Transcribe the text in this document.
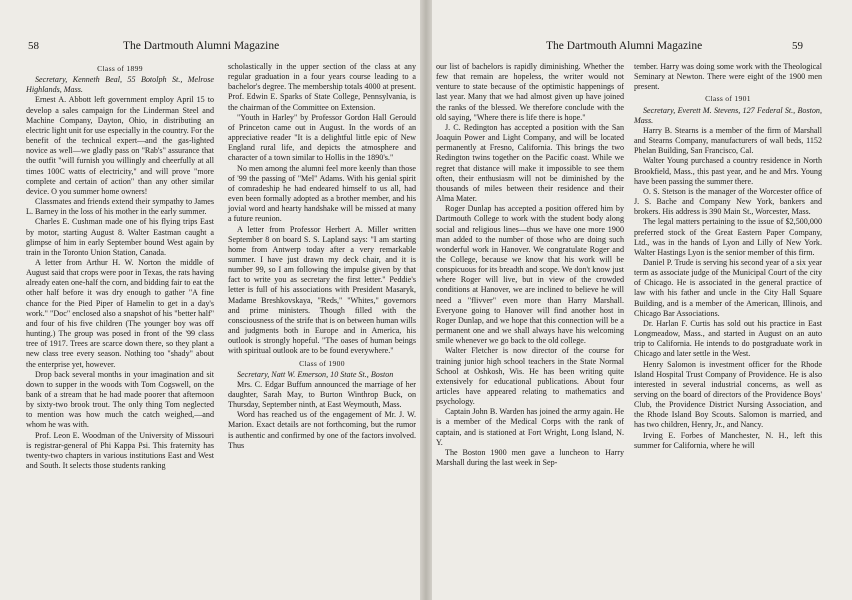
58	The Dartmouth Alumni Magazine

Class of 1899

Secretary, Kenneth Beal, 55 Botolph St., Melrose Highlands, Mass.

Ernest A. Abbott left government employ April 15 to develop a sales campaign for the Linderman Steel and Machine Company, Dayton, Ohio, in distributing an electric light unit for use especially in the country. For the benefit of the technical expert—and the gas-lighted novice as well—we gladly pass on "Rab's" assurance that the outfit "will furnish you willingly and cheerfully at all times 100C watts of electricity," and will prove "more complete and certain of action" than any other similar device. O you summer home owners!

Classmates and friends extend their sympathy to James L. Barney in the loss of his mother in the early summer.

Charles E. Cushman made one of his flying trips East by motor, starting August 8. Walter Eastman caught a glimpse of him in early September bound West again by train in the Toronto Union Station, Canada.

A letter from Arthur H. W. Norton the middle of August said that crops were poor in Texas, the rats having already eaten one-half the corn, and bidding fair to eat the other half before it was dry enough to gather "A fine chance for the Pied Piper of Hamelin to get in a day's work." "Doc" enclosed also a snapshot of his "better half" and four of his five children (The younger boy was off hunting.) The group was posed in front of the '99 class tree of 1917. Trees are scarce down there, so they plant a new class tree every season. Nothing too "shady" about the enterprise yet, however.

Drop back several months in your imagination and sit down to supper in the woods with Tom Cogswell, on the bank of a stream that he had made poorer that afternoon by sixty-two brook trout. The only thing Tom neglected to mention was how much the catch weighed,—and whom he was with.

Prof. Leon E. Woodman of the University of Missouri is registrar-general of Phi Kappa Psi. This fraternity has twenty-two chapters in various institutions East and West and South. It selects those students ranking

scholastically in the upper section of the class at any regular graduation in a four years course leading to a bachelor's degree. The membership totals 4000 at present. Prof. Edwin E. Sparks of State College, Pennsylvania, is the chairman of the Committee on Extension.

"Youth in Harley" by Professor Gordon Hall Gerould of Princeton came out in August. In the words of an appreciative reader "It is a delightful little epic of New England rural life, and depicts the atmosphere and character of a town similar to Hollis in the 1890's."

No men among the alumni feel more keenly than those of '99 the passing of "Mel" Adams. With his genial spirit of comradeship he had endeared himself to us all, had even been formally adopted as a brother member, and his jovial word and hearty handshake will be missed at many a future reunion.

A letter from Professor Herbert A. Miller written September 8 on board S. S. Lapland says: "I am starting home from Antwerp today after a very remarkable summer. I have just drawn my deck chair, and it is number 99, so I am following the impulse given by that fact to write you as secretary the first letter." Peddie's letter is full of his associations with President Masaryk, Madame Breshkovskaya, "Reds," "Whites," governors and prime ministers. Though filled with the consciousness of the strife that is on between human wills and judgments both in Europe and in America, his outlook is strongly hopeful. "The oases of human beings with spiritual outlook are to be found everywhere."

Class of 1900

Secretary, Natt W. Emerson, 10 State St., Boston

Mrs. C. Edgar Buffum announced the marriage of her daughter, Sarah May, to Burton Winthrop Buck, on Thursday, September ninth, at East Weymouth, Mass.

Word has reached us of the engagement of Mr. J. W. Marion. Exact details are not forthcoming, but the rumor is authentic and confirmed by one of the factors involved. Thus

The Dartmouth Alumni Magazine	59

our list of bachelors is rapidly diminishing. Whether the few that remain are hopeless, the writer would not venture to state because of the optimistic happenings of last year. Many that we had almost given up have joined the ranks of the blessed. We therefore conclude with the old saying, "Where there is life there is hope."

J. C. Redington has accepted a position with the San Joaquin Power and Light Company, and will be located permanently at Fresno, California. This brings the two Redington twins together on the Pacific coast. While we regret that distance will make it impossible to see them often, their enthusiasm will not be diminished by the thousands of miles between their residence and their Alma Mater.

Roger Dunlap has accepted a position offered him by Dartmouth College to work with the student body along social and religious lines—thus we have one more 1900 man added to the number of those who are doing such wonderful work in Hanover. We congratulate Roger and the College, because we know that his work will be conspicuous for its breadth and scope. We don't know just where Roger will live, but in view of the crowded conditions at Hanover, we are inclined to believe he will need a "flivver" even more than Harry Marshall. Everyone going to Hanover will find another host in Roger Dunlap, and we hope that this connection will be a permanent one and we shall always have his welcoming smile whenever we go back to the old college.

Walter Fletcher is now director of the course for training junior high school teachers in the State Normal School at Oshkosh, Wis. He has been writing quite extensively for educational publications. About four articles have appeared relating to mathematics and psychology.

Captain John B. Warden has joined the army again. He is a member of the Medical Corps with the rank of captain, and is stationed at Fort Wright, Long Island, N. Y.

The Boston 1900 men gave a luncheon to Harry Marshall during the last week in Sep-

tember. Harry was doing some work with the Theological Seminary at Newton. There were eight of the 1900 men present.

Class of 1901

Secretary, Everett M. Stevens, 127 Federal St., Boston, Mass.

Harry B. Stearns is a member of the firm of Marshall and Stearns Company, manufacturers of wall beds, 1152 Phelan Building, San Francisco, Cal.

Walter Young purchased a country residence in North Brookfield, Mass., this past year, and he and Mrs. Young have been passing the summer there.

O. S. Stetson is the manager of the Worcester office of J. S. Bache and Company New York, bankers and brokers. His address is 390 Main St., Worcester, Mass.

The legal matters pertaining to the issue of $2,500,000 preferred stock of the Great Eastern Paper Company, Ltd., was in the hands of Lyon and Lilly of New York. Walter Hastings Lyon is the senior member of this firm.

Daniel P. Trude is serving his second year of a six year term as associate judge of the Municipal Court of the city of Chicago. He is associated in the general practice of law with his father and uncle in the City Hall Square Building, and is a member of the American, Illinois, and Chicago Bar Associations.

Dr. Harlan F. Curtis has sold out his practice in East Longmeadow, Mass., and started in August on an auto trip to California. He intends to do postgraduate work in Chicago and later settle in the West.

Henry Salomon is investment officer for the Rhode Island Hospital Trust Company of Providence. He is also interested in several industrial concerns, as well as serving on the board of directors of the Providence Boys' Club, the Providence District Nursing Association, and the Rhode Island Boy Scouts. Salomon is married, and has two children, Henry, Jr., and Nancy.

Irving E. Forbes of Manchester, N. H., left this summer for California, where he will
